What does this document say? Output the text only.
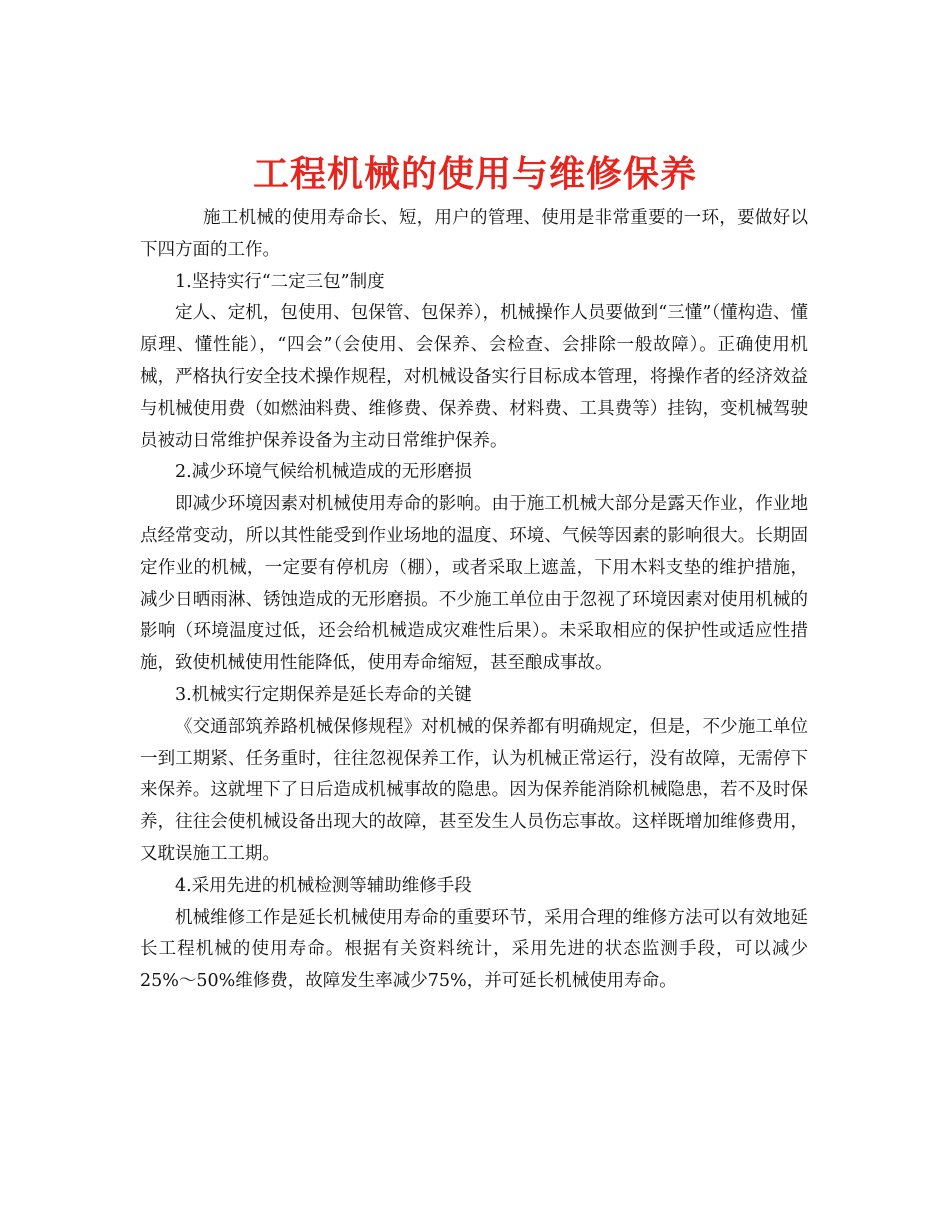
工程机械的使用与维修保养

施工机械的使用寿命长、短，用户的管理、使用是非常重要的一环，要做好以下四方面的工作。

1.坚持实行“二定三包”制度

定人、定机，包使用、包保管、包保养），机械操作人员要做到“三懂”（懂构造、懂原理、懂性能），“四会”（会使用、会保养、会检查、会排除一般故障）。正确使用机械，严格执行安全技术操作规程，对机械设备实行目标成本管理，将操作者的经济效益与机械使用费（如燃油料费、维修费、保养费、材料费、工具费等）挂钩，变机械驾驶员被动日常维护保养设备为主动日常维护保养。

2.减少环境气候给机械造成的无形磨损

即减少环境因素对机械使用寿命的影响。由于施工机械大部分是露天作业，作业地点经常变动，所以其性能受到作业场地的温度、环境、气候等因素的影响很大。长期固定作业的机械，一定要有停机房（棚），或者采取上遮盖，下用木料支垫的维护措施，减少日晒雨淋、锈蚀造成的无形磨损。不少施工单位由于忽视了环境因素对使用机械的影响（环境温度过低，还会给机械造成灾难性后果）。未采取相应的保护性或适应性措施，致使机械使用性能降低，使用寿命缩短，甚至酿成事故。

3.机械实行定期保养是延长寿命的关键

《交通部筑养路机械保修规程》对机械的保养都有明确规定，但是，不少施工单位一到工期紧、任务重时，往往忽视保养工作，认为机械正常运行，没有故障，无需停下来保养。这就埋下了日后造成机械事故的隐患。因为保养能消除机械隐患，若不及时保养，往往会使机械设备出现大的故障，甚至发生人员伤忘事故。这样既增加维修费用，又耽误施工工期。

4.采用先进的机械检测等辅助维修手段

机械维修工作是延长机械使用寿命的重要环节，采用合理的维修方法可以有效地延长工程机械的使用寿命。根据有关资料统计，采用先进的状态监测手段，可以减少25%～50%维修费，故障发生率减少75%，并可延长机械使用寿命。
